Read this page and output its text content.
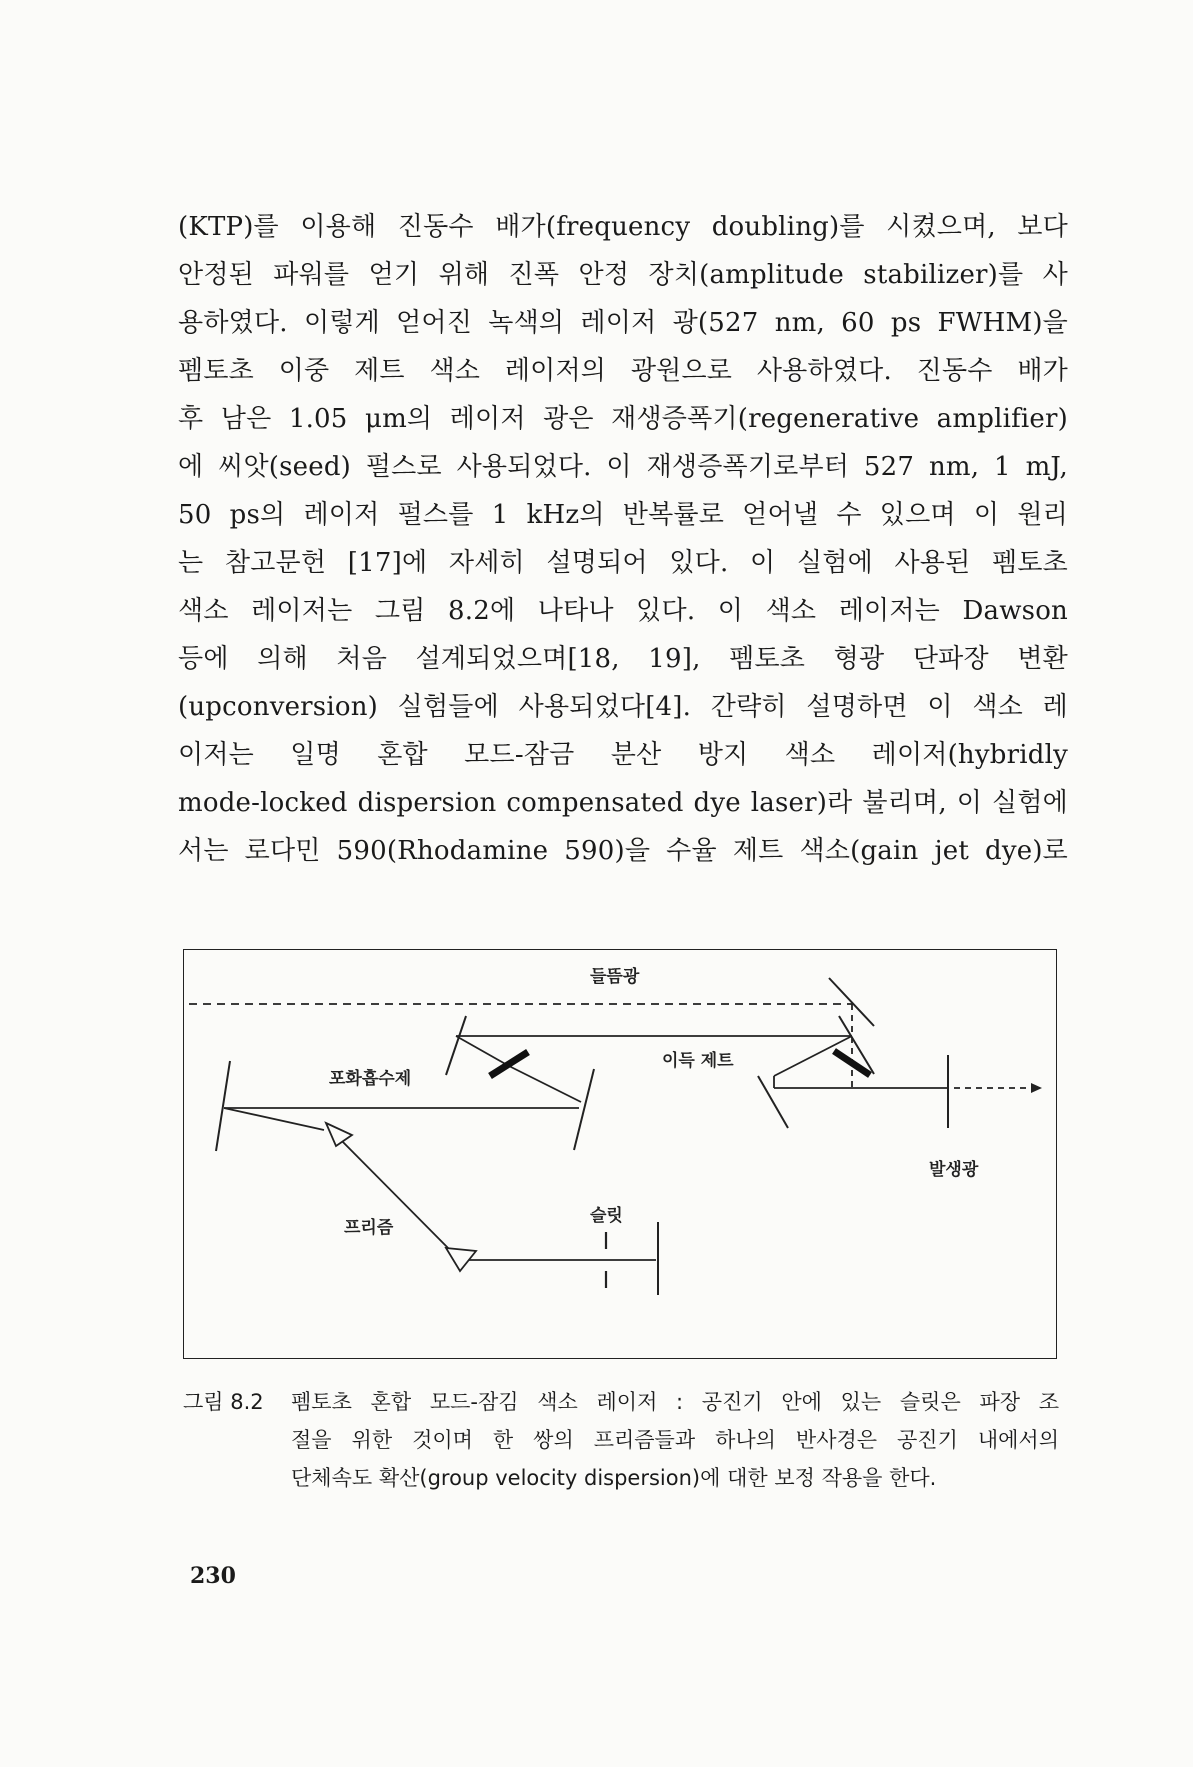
(KTP)를 이용해 진동수 배가(frequency doubling)를 시켰으며, 보다
안정된 파워를 얻기 위해 진폭 안정 장치(amplitude stabilizer)를 사
용하였다. 이렇게 얻어진 녹색의 레이저 광(527 nm, 60 ps FWHM)을
펨토초 이중 제트 색소 레이저의 광원으로 사용하였다. 진동수 배가
후 남은 1.05 μm의 레이저 광은 재생증폭기(regenerative amplifier)
에 씨앗(seed) 펄스로 사용되었다. 이 재생증폭기로부터 527 nm, 1 mJ,
50 ps의 레이저 펄스를 1 kHz의 반복률로 얻어낼 수 있으며 이 원리
는 참고문헌 [17]에 자세히 설명되어 있다. 이 실험에 사용된 펨토초
색소 레이저는 그림 8.2에 나타나 있다. 이 색소 레이저는 Dawson
등에 의해 처음 설계되었으며[18, 19], 펨토초 형광 단파장 변환
(upconversion) 실험들에 사용되었다[4]. 간략히 설명하면 이 색소 레
이저는 일명 혼합 모드-잠금 분산 방지 색소 레이저(hybridly
mode-locked dispersion compensated dye laser)라 불리며, 이 실험에
서는 로다민 590(Rhodamine 590)을 수율 제트 색소(gain jet dye)로
들뜸광
포화흡수제
이득 제트
발생광
슬릿
프리즘
그림 8.2 펨토초 혼합 모드-잠김 색소 레이저 : 공진기 안에 있는 슬릿은 파장 조
절을 위한 것이며 한 쌍의 프리즘들과 하나의 반사경은 공진기 내에서의
단체속도 확산(group velocity dispersion)에 대한 보정 작용을 한다.
230
